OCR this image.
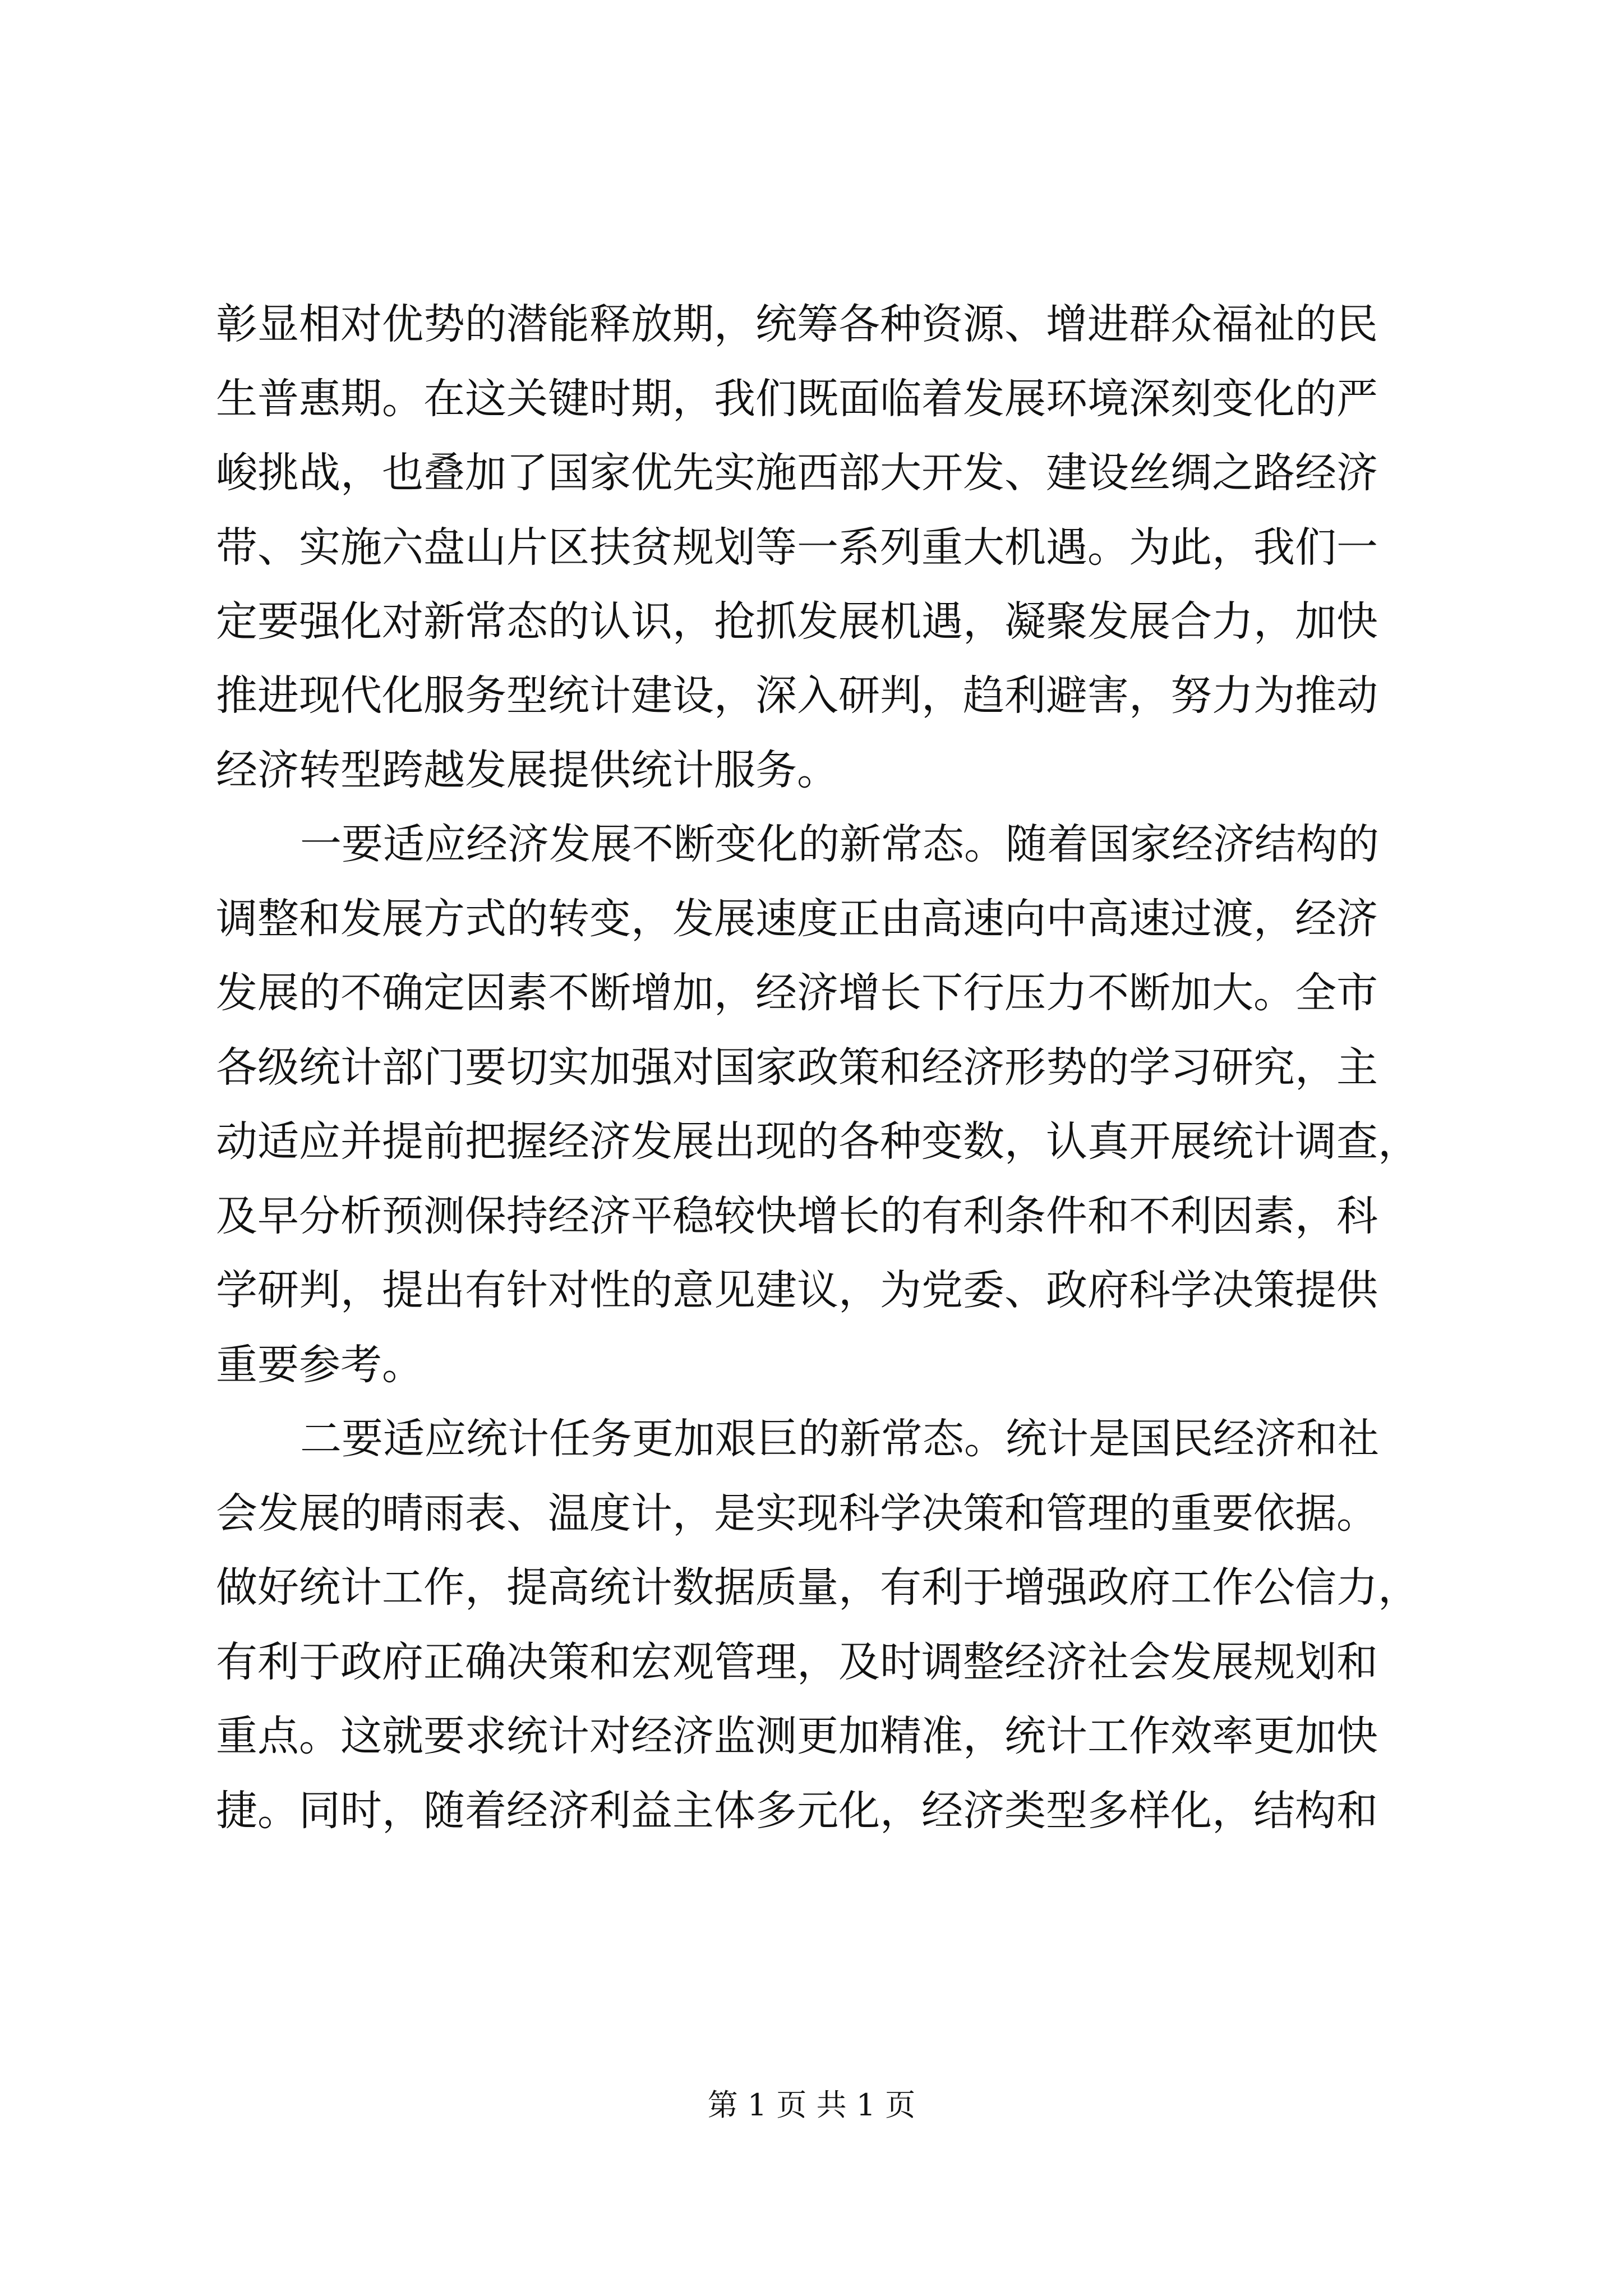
彰显相对优势的潜能释放期，统筹各种资源、增进群众福祉的民
生普惠期。在这关键时期，我们既面临着发展环境深刻变化的严
峻挑战，也叠加了国家优先实施西部大开发、建设丝绸之路经济
带、实施六盘山片区扶贫规划等一系列重大机遇。为此，我们一
定要强化对新常态的认识，抢抓发展机遇，凝聚发展合力，加快
推进现代化服务型统计建设，深入研判，趋利避害，努力为推动
经济转型跨越发展提供统计服务。
一要适应经济发展不断变化的新常态。随着国家经济结构的
调整和发展方式的转变，发展速度正由高速向中高速过渡，经济
发展的不确定因素不断增加，经济增长下行压力不断加大。全市
各级统计部门要切实加强对国家政策和经济形势的学习研究，主
动适应并提前把握经济发展出现的各种变数，认真开展统计调查，
及早分析预测保持经济平稳较快增长的有利条件和不利因素，科
学研判，提出有针对性的意见建议，为党委、政府科学决策提供
重要参考。
二要适应统计任务更加艰巨的新常态。统计是国民经济和社
会发展的晴雨表、温度计，是实现科学决策和管理的重要依据。
做好统计工作，提高统计数据质量，有利于增强政府工作公信力，
有利于政府正确决策和宏观管理，及时调整经济社会发展规划和
重点。这就要求统计对经济监测更加精准，统计工作效率更加快
捷。同时，随着经济利益主体多元化，经济类型多样化，结构和
第 1 页 共 1 页
